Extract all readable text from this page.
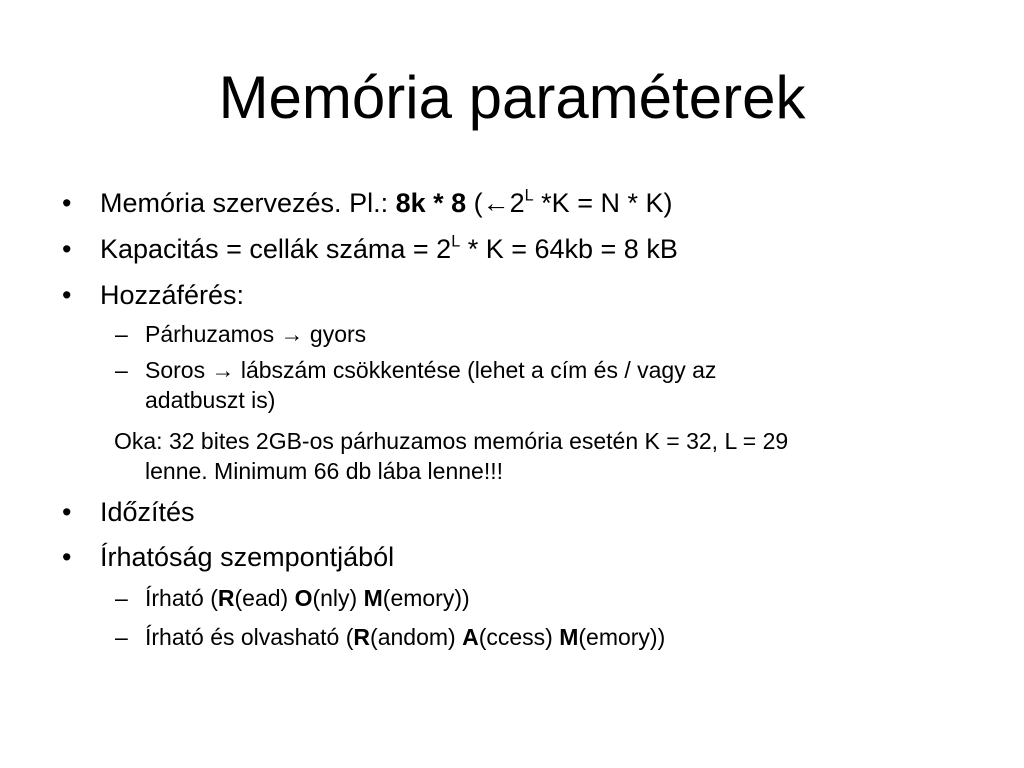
Memória paraméterek
• Memória szervezés. Pl.: 8k * 8 ($\leftarrow 2^L$ *K = N * K)
• Kapacitás = cellák száma = $2^L * K = 64kb = 8$ kB
• Hozzáférés:
– Párhuzamos → gyors
– Soros → lábszám csökkentése (lehet a cím és / vagy az
adatbuszt is)
Oka: 32 bites 2GB-os párhuzamos memória esetén K = 32, L = 29
lenne. Minimum 66 db lába lenne!!!
• Időzítés
• Írhatóság szempontjából
– Írható (R(ead) O(nly) M(emory))
– Írható és olvasható (R(andom) A(ccess) M(emory))
